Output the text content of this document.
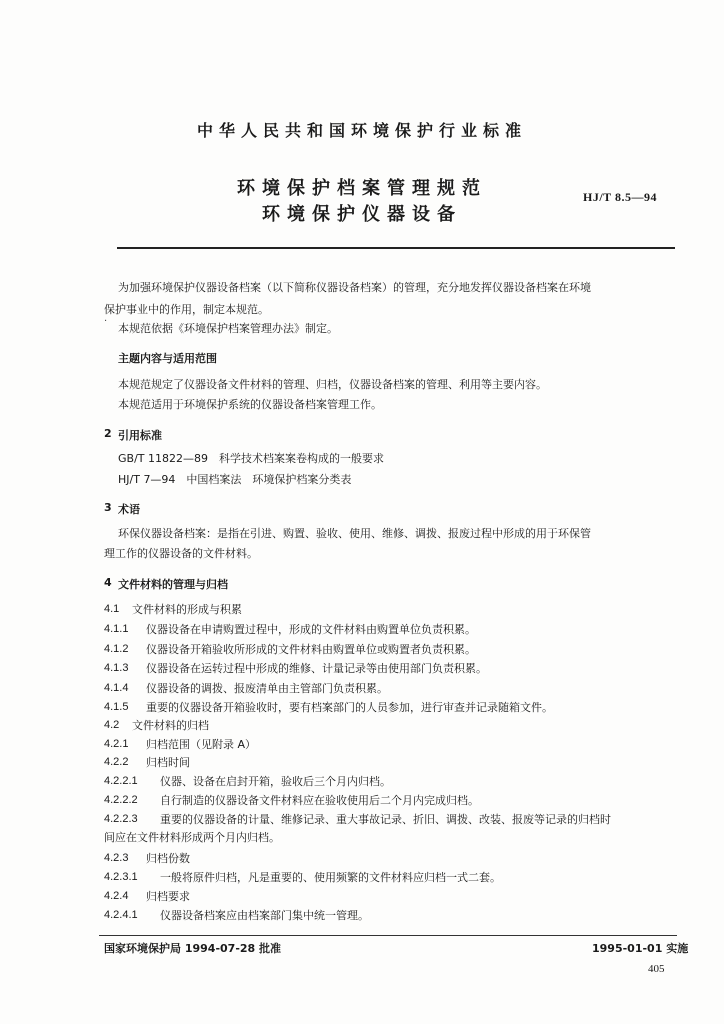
中华人民共和国环境保护行业标准
环境保护档案管理规范
环境保护仪器设备
HJ/T 8.5—94
为加强环境保护仪器设备档案（以下简称仪器设备档案）的管理，充分地发挥仪器设备档案在环境
保护事业中的作用，制定本规范。
·
本规范依据《环境保护档案管理办法》制定。
主题内容与适用范围
本规范规定了仪器设备文件材料的管理、归档，仪器设备档案的管理、利用等主要内容。
本规范适用于环境保护系统的仪器设备档案管理工作。
2 引用标准
GB/T 11822—89　科学技术档案案卷构成的一般要求
HJ/T 7—94　中国档案法　环境保护档案分类表
3 术语
环保仪器设备档案：是指在引进、购置、验收、使用、维修、调拨、报废过程中形成的用于环保管
理工作的仪器设备的文件材料。
4 文件材料的管理与归档
4.1 文件材料的形成与积累
4.1.1 仪器设备在申请购置过程中，形成的文件材料由购置单位负责积累。
4.1.2 仪器设备开箱验收所形成的文件材料由购置单位或购置者负责积累。
4.1.3 仪器设备在运转过程中形成的维修、计量记录等由使用部门负责积累。
4.1.4 仪器设备的调拨、报废清单由主管部门负责积累。
4.1.5 重要的仪器设备开箱验收时，要有档案部门的人员参加，进行审查并记录随箱文件。
4.2 文件材料的归档
4.2.1 归档范围（见附录 A）
4.2.2 归档时间
4.2.2.1 仪器、设备在启封开箱，验收后三个月内归档。
4.2.2.2 自行制造的仪器设备文件材料应在验收使用后二个月内完成归档。
4.2.2.3 重要的仪器设备的计量、维修记录、重大事故记录、折旧、调拨、改装、报废等记录的归档时
间应在文件材料形成两个月内归档。
4.2.3 归档份数
4.2.3.1 一般将原件归档，凡是重要的、使用频繁的文件材料应归档一式二套。
4.2.4 归档要求
4.2.4.1 仪器设备档案应由档案部门集中统一管理。
国家环境保护局 1994-07-28 批准	1995-01-01 实施
405
